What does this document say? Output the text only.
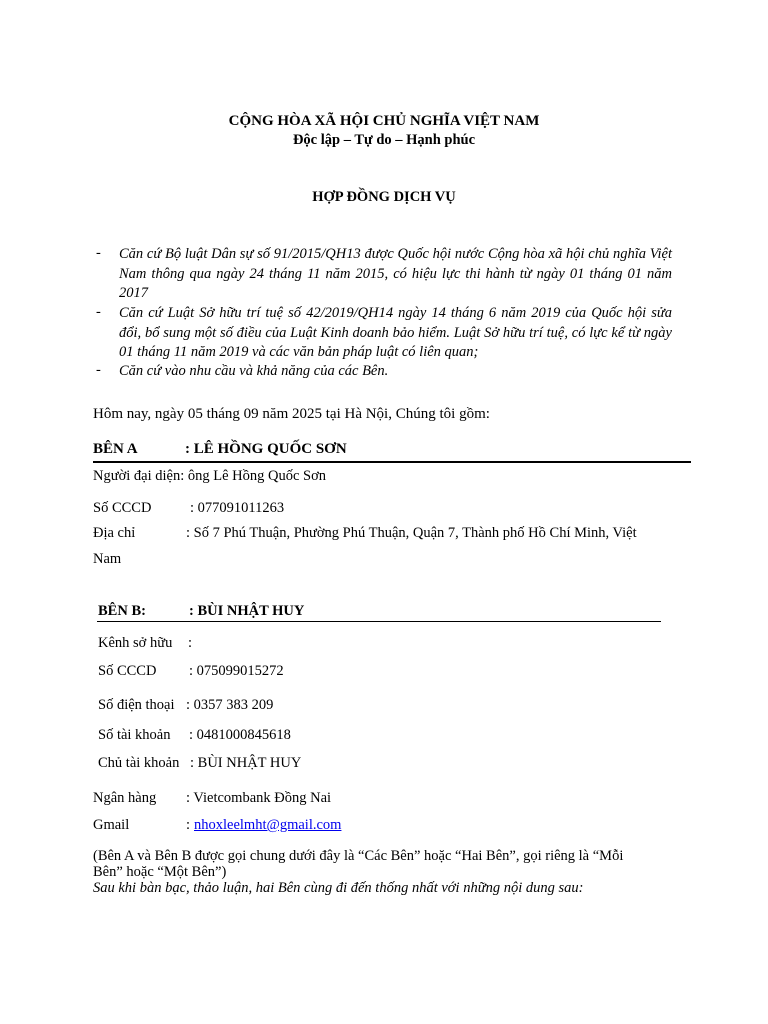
CỘNG HÒA XÃ HỘI CHỦ NGHĨA VIỆT NAM
Độc lập – Tự do – Hạnh phúc
HỢP ĐỒNG DỊCH VỤ
- Căn cứ Bộ luật Dân sự số 91/2015/QH13 được Quốc hội nước Cộng hòa xã hội chủ nghĩa Việt Nam thông qua ngày 24 tháng 11 năm 2015, có hiệu lực thi hành từ ngày 01 tháng 01 năm 2017
- Căn cứ Luật Sở hữu trí tuệ số 42/2019/QH14 ngày 14 tháng 6 năm 2019 của Quốc hội sửa đổi, bổ sung một số điều của Luật Kinh doanh bảo hiểm. Luật Sở hữu trí tuệ, có lực kể từ ngày 01 tháng 11 năm 2019 và các văn bản pháp luật có liên quan;
- Căn cứ vào nhu cầu và khả năng của các Bên.
Hôm nay, ngày 05 tháng 09 năm 2025 tại Hà Nội, Chúng tôi gồm:
BÊN A	: LÊ HỒNG QUỐC SƠN
Người đại diện: ông Lê Hồng Quốc Sơn
Số CCCD	: 077091011263
Địa chỉ	: Số 7 Phú Thuận, Phường Phú Thuận, Quận 7, Thành phố Hồ Chí Minh, Việt
Nam
BÊN B:	: BÙI NHẬT HUY
Kênh sở hữu :
Số CCCD : 075099015272
Số điện thoại : 0357 383 209
Số tài khoản : 0481000845618
Chủ tài khoản : BÙI NHẬT HUY
Ngân hàng : Vietcombank Đồng Nai
Gmail	: nhoxleelmht@gmail.com
(Bên A và Bên B được gọi chung dưới đây là “Các Bên” hoặc “Hai Bên”, gọi riêng là “Mỗi
Bên” hoặc “Một Bên”)
Sau khi bàn bạc, thảo luận, hai Bên cùng đi đến thống nhất với những nội dung sau:
